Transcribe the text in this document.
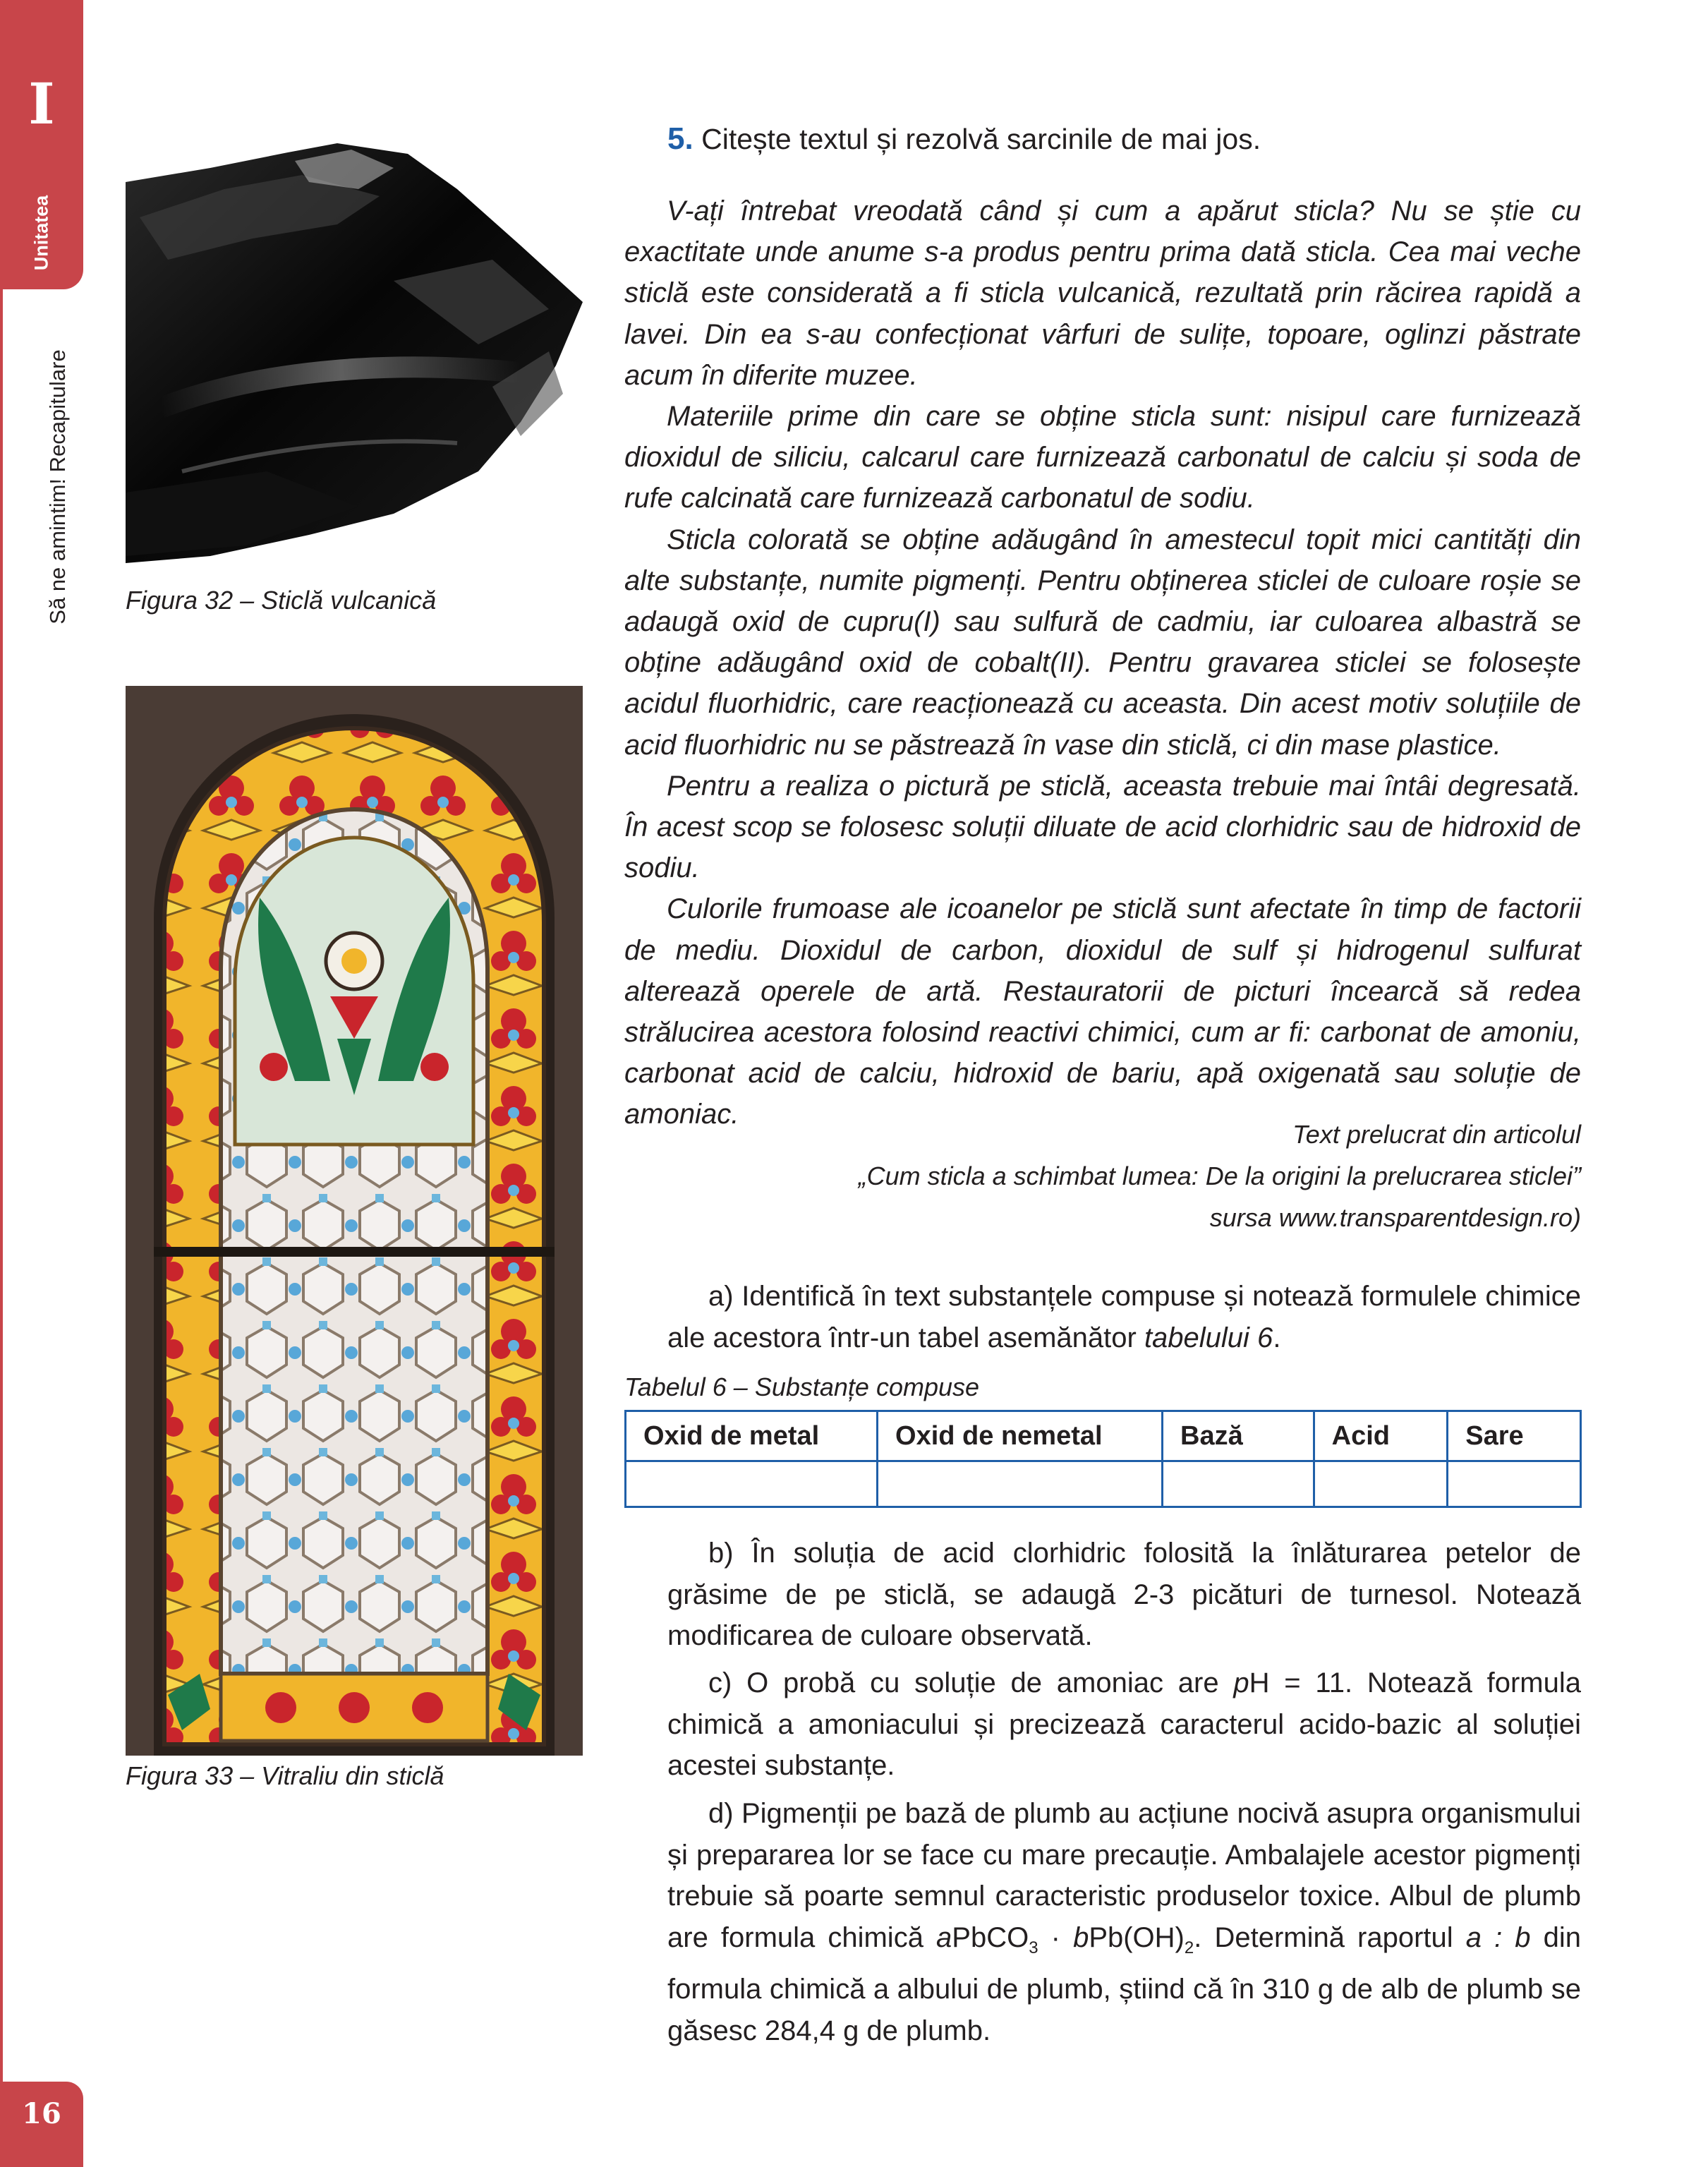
I
Unitatea
Să ne amintim! Recapitulare
16
Figura 32 – Sticlă vulcanică
Figura 33 – Vitraliu din sticlă
5. Citește textul și rezolvă sarcinile de mai jos.

V-ați întrebat vreodată când și cum a apărut sticla? Nu se știe cu exactitate unde anume s-a produs pentru prima dată sticla. Cea mai veche sticlă este considerată a fi sticla vulcanică, rezultată prin răcirea rapidă a lavei. Din ea s-au confecționat vârfuri de sulițe, topoare, oglinzi păstrate acum în diferite muzee.

Materiile prime din care se obține sticla sunt: nisipul care furnizează dioxidul de siliciu, calcarul care furnizează carbonatul de calciu și soda de rufe calcinată care furnizează carbonatul de sodiu.

Sticla colorată se obține adăugând în amestecul topit mici cantități din alte substanțe, numite pigmenți. Pentru obținerea sticlei de culoare roșie se adaugă oxid de cupru(I) sau sulfură de cadmiu, iar culoarea albastră se obține adăugând oxid de cobalt(II). Pentru gravarea sticlei se folosește acidul fluorhidric, care reacționează cu aceasta. Din acest motiv soluțiile de acid fluorhidric nu se păstrează în vase din sticlă, ci din mase plastice.

Pentru a realiza o pictură pe sticlă, aceasta trebuie mai întâi degresată. În acest scop se folosesc soluții diluate de acid clorhidric sau de hidroxid de sodiu.

Culorile frumoase ale icoanelor pe sticlă sunt afectate în timp de factorii de mediu. Dioxidul de carbon, dioxidul de sulf și hidrogenul sulfurat alterează operele de artă. Restauratorii de picturi încearcă să redea strălucirea acestora folosind reactivi chimici, cum ar fi: carbonat de amoniu, carbonat acid de calciu, hidroxid de bariu, apă oxigenată sau soluție de amoniac.

Text prelucrat din articolul
„Cum sticla a schimbat lumea: De la origini la prelucrarea sticlei”
sursa www.transparentdesign.ro)
a) Identifică în text substanțele compuse și notează formulele chimice ale acestora într-un tabel asemănător tabelului 6.
Tabelul 6 – Substanțe compuse
Oxid de metal	Oxid de nemetal	Bază	Acid	Sare

b) În soluția de acid clorhidric folosită la înlăturarea petelor de grăsime de pe sticlă, se adaugă 2-3 picături de turnesol. Notează modificarea de culoare observată.
c) O probă cu soluție de amoniac are pH = 11. Notează formula chimică a amoniacului și precizează caracterul acido-bazic al soluției acestei substanțe.
d) Pigmenții pe bază de plumb au acțiune nocivă asupra organismului și prepararea lor se face cu mare precauție. Ambalajele acestor pigmenți trebuie să poarte semnul caracteristic produselor toxice. Albul de plumb are formula chimică aPbCO$_3$ · $bPb(OH)_2$. Determină raportul a : b din formula chimică a albului de plumb, știind că în 310 g de alb de plumb se găsesc 284,4 g de plumb.
